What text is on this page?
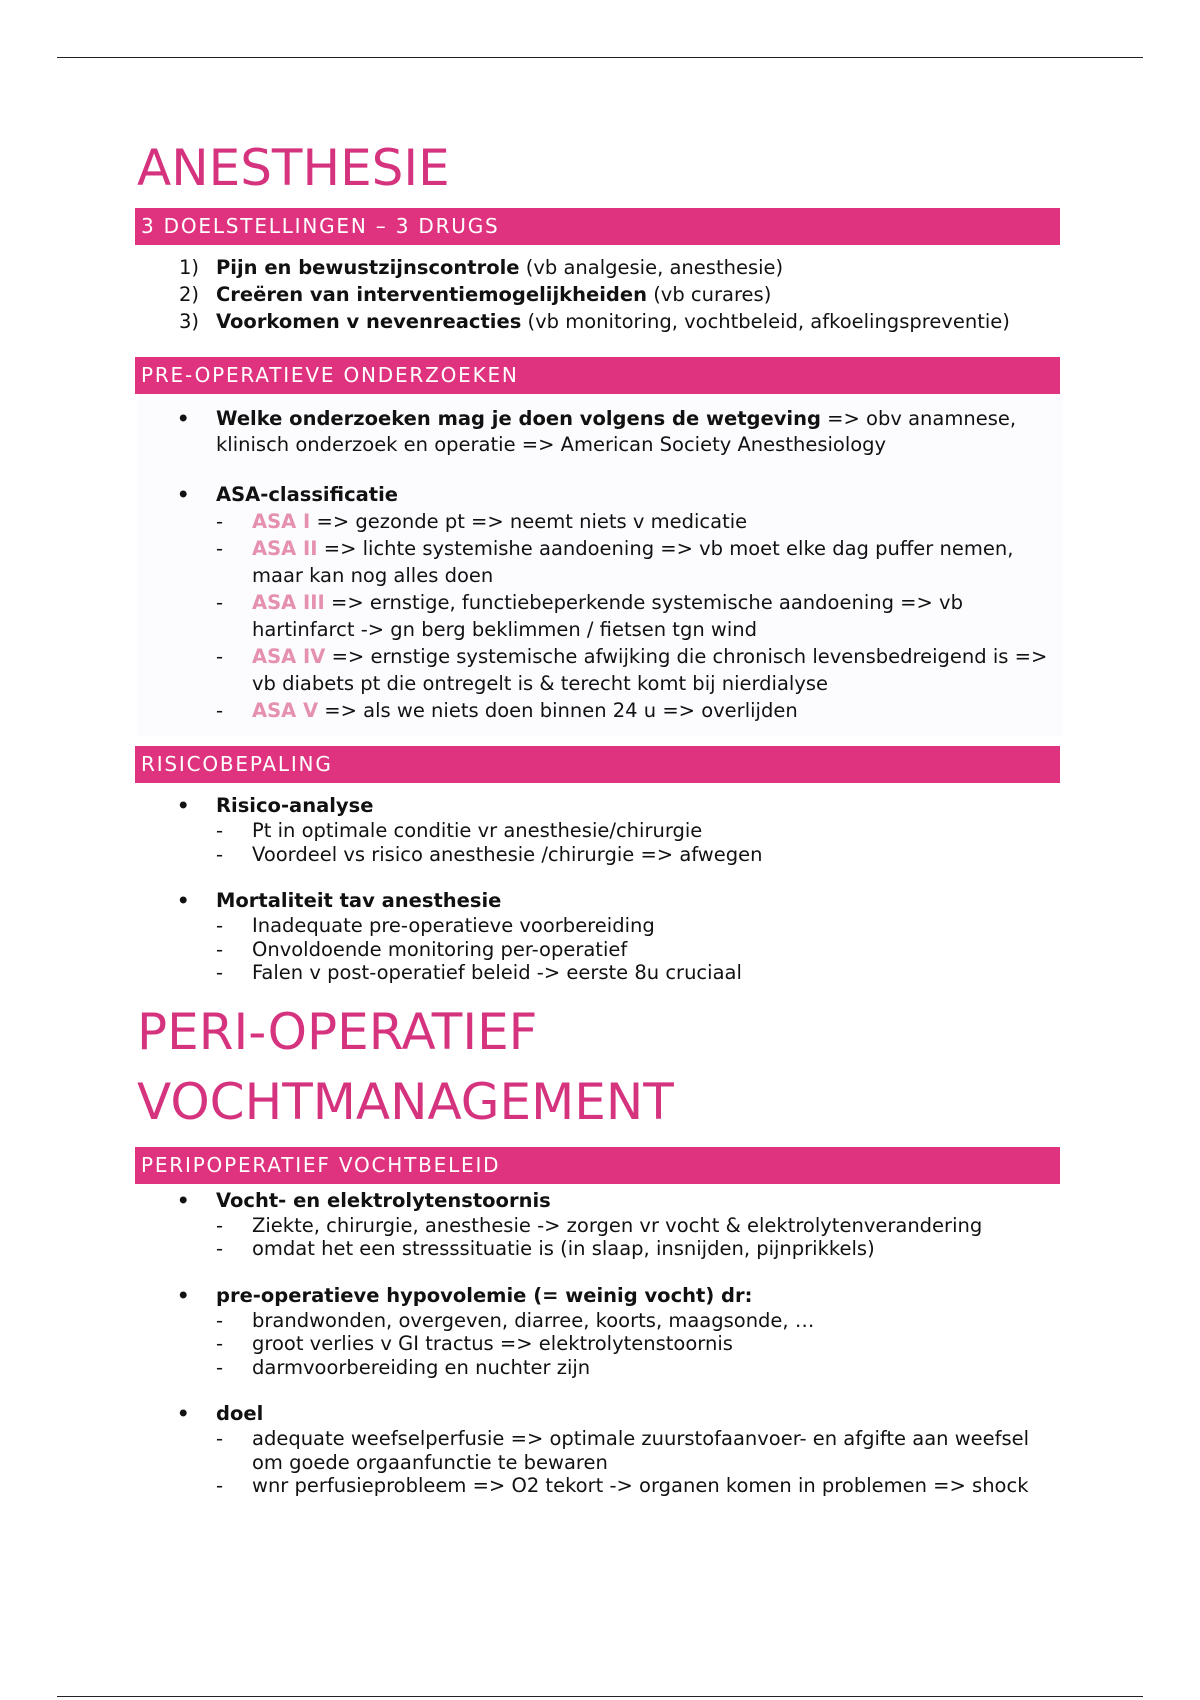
ANESTHESIE
3 DOELSTELLINGEN – 3 DRUGS
1) Pijn en bewustzijnscontrole (vb analgesie, anesthesie)
2) Creëren van interventiemogelijkheiden (vb curares)
3) Voorkomen v nevenreacties (vb monitoring, vochtbeleid, afkoelingspreventie)
PRE-OPERATIEVE ONDERZOEKEN
• Welke onderzoeken mag je doen volgens de wetgeving => obv anamnese, klinisch onderzoek en operatie => American Society Anesthesiology
• ASA-classificatie
- ASA I => gezonde pt => neemt niets v medicatie
- ASA II => lichte systemishe aandoening => vb moet elke dag puffer nemen, maar kan nog alles doen
- ASA III => ernstige, functiebeperkende systemische aandoening => vb hartinfarct -> gn berg beklimmen / fietsen tgn wind
- ASA IV => ernstige systemische afwijking die chronisch levensbedreigend is => vb diabets pt die ontregelt is & terecht komt bij nierdialyse
- ASA V => als we niets doen binnen 24 u => overlijden
RISICOBEPALING
• Risico-analyse
- Pt in optimale conditie vr anesthesie/chirurgie
- Voordeel vs risico anesthesie /chirurgie => afwegen
• Mortaliteit tav anesthesie
- Inadequate pre-operatieve voorbereiding
- Onvoldoende monitoring per-operatief
- Falen v post-operatief beleid -> eerste 8u cruciaal
PERI-OPERATIEF
VOCHTMANAGEMENT
PERIPOPERATIEF VOCHTBELEID
• Vocht- en elektrolytenstoornis
- Ziekte, chirurgie, anesthesie -> zorgen vr vocht & elektrolytenverandering
- omdat het een stresssituatie is (in slaap, insnijden, pijnprikkels)
• pre-operatieve hypovolemie (= weinig vocht) dr:
- brandwonden, overgeven, diarree, koorts, maagsonde, …
- groot verlies v GI tractus => elektrolytenstoornis
- darmvoorbereiding en nuchter zijn
• doel
- adequate weefselperfusie => optimale zuurstofaanvoer- en afgifte aan weefsel om goede orgaanfunctie te bewaren
- wnr perfusieprobleem => O2 tekort -> organen komen in problemen => shock
